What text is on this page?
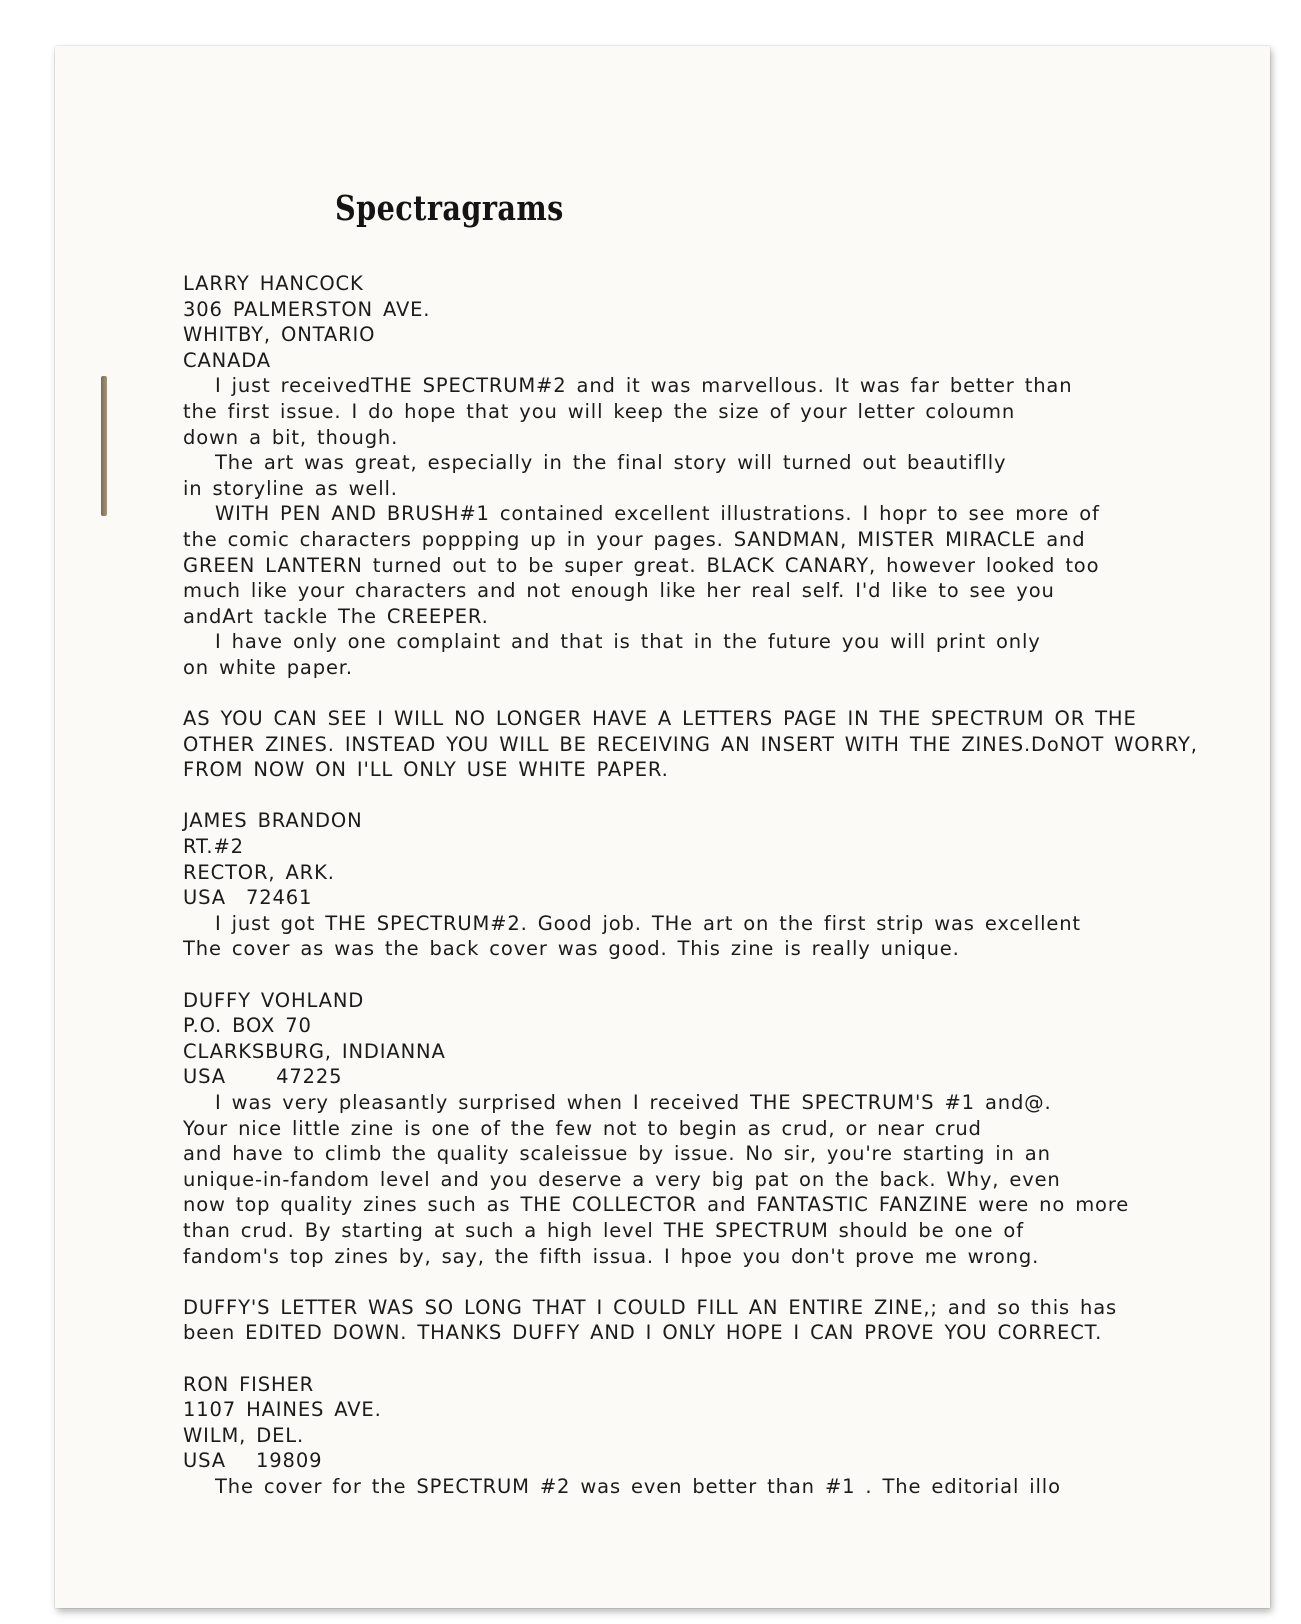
Spectragrams
LARRY HANCOCK
306 PALMERSTON AVE.
WHITBY, ONTARIO
CANADA
I just receivedTHE SPECTRUM#2 and it was marvellous. It was far better than
the first issue. I do hope that you will keep the size of your letter coloumn
down a bit, though.
The art was great, especially in the final story will turned out beautiflly
in storyline as well.
WITH PEN AND BRUSH#1 contained excellent illustrations. I hopr to see more of
the comic characters poppping up in your pages. SANDMAN, MISTER MIRACLE and
GREEN LANTERN turned out to be super great. BLACK CANARY, however looked too
much like your characters and not enough like her real self. I'd like to see you
andArt tackle The CREEPER.
I have only one complaint and that is that in the future you will print only
on white paper.
AS YOU CAN SEE I WILL NO LONGER HAVE A LETTERS PAGE IN THE SPECTRUM OR THE
OTHER ZINES. INSTEAD YOU WILL BE RECEIVING AN INSERT WITH THE ZINES.DoNOT WORRY,
FROM NOW ON I'LL ONLY USE WHITE PAPER.
JAMES BRANDON
RT.#2
RECTOR, ARK.
USA  72461
I just got THE SPECTRUM#2. Good job. THe art on the first strip was excellent
The cover as was the back cover was good. This zine is really unique.
DUFFY VOHLAND
P.O. BOX 70
CLARKSBURG, INDIANNA
USA     47225
I was very pleasantly surprised when I received THE SPECTRUM'S #1 and@.
Your nice little zine is one of the few not to begin as crud, or near crud
and have to climb the quality scaleissue by issue. No sir, you're starting in an
unique-in-fandom level and you deserve a very big pat on the back. Why, even
now top quality zines such as THE COLLECTOR and FANTASTIC FANZINE were no more
than crud. By starting at such a high level THE SPECTRUM should be one of
fandom's top zines by, say, the fifth issua. I hpoe you don't prove me wrong.
DUFFY'S LETTER WAS SO LONG THAT I COULD FILL AN ENTIRE ZINE,; and so this has
been EDITED DOWN. THANKS DUFFY AND I ONLY HOPE I CAN PROVE YOU CORRECT.
RON FISHER
1107 HAINES AVE.
WILM, DEL.
USA   19809
The cover for the SPECTRUM #2 was even better than #1 . The editorial illo
